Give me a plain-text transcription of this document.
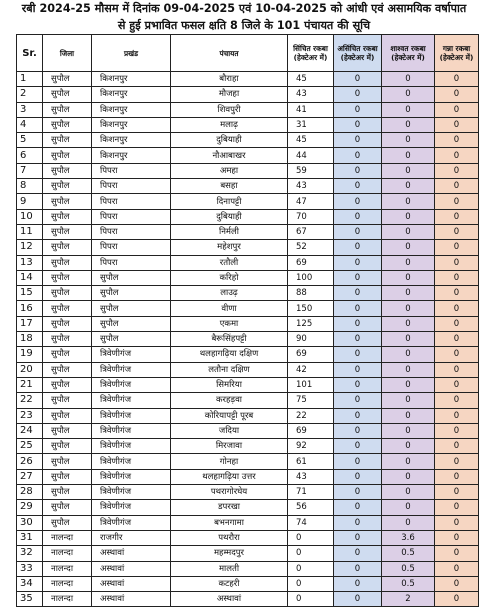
रबी 2024-25 मौसम में दिनांक 09-04-2025 एवं 10-04-2025 को आंधी एवं असामयिक वर्षापात
से हुई प्रभावित फसल क्षति 8 जिले के 101 पंचायत की सूचि
Sr.	जिला	प्रखंड	पंचायत	सिंचित रकबा (हेक्टेअर में)	असिंचित रकबा (हेक्टेअर में)	शाश्वत रकबा (हेक्टेअर में)	गन्ना रकबा (हेक्टेअर में)
1	सुपौल	किशनपुर	बौराहा	45	0	0	0
2	सुपौल	किशनपुर	मौजहा	43	0	0	0
3	सुपौल	किशनपुर	शिवपुरी	41	0	0	0
4	सुपौल	किशनपुर	मलाढ़	31	0	0	0
5	सुपौल	किशनपुर	दुबियाही	45	0	0	0
6	सुपौल	किशनपुर	नौआबाखर	44	0	0	0
7	सुपौल	पिपरा	अमहा	59	0	0	0
8	सुपौल	पिपरा	बसहा	43	0	0	0
9	सुपौल	पिपरा	दिनापट्टी	47	0	0	0
10	सुपौल	पिपरा	दुबियाही	70	0	0	0
11	सुपौल	पिपरा	निर्मली	67	0	0	0
12	सुपौल	पिपरा	महेशपुर	52	0	0	0
13	सुपौल	पिपरा	रतौली	69	0	0	0
14	सुपौल	सुपौल	करिहो	100	0	0	0
15	सुपौल	सुपौल	लाउढ़	88	0	0	0
16	सुपौल	सुपौल	वीणा	150	0	0	0
17	सुपौल	सुपौल	एकमा	125	0	0	0
18	सुपौल	सुपौल	बैरूसिंहपट्टी	90	0	0	0
19	सुपौल	त्रिवेणीगंज	थलहागढ़िया दक्षिण	69	0	0	0
20	सुपौल	त्रिवेणीगंज	लतौना दक्षिण	42	0	0	0
21	सुपौल	त्रिवेणीगंज	सिमरिया	101	0	0	0
22	सुपौल	त्रिवेणीगंज	करहड़वा	75	0	0	0
23	सुपौल	त्रिवेणीगंज	कोरियापट्टी पूरब	22	0	0	0
24	सुपौल	त्रिवेणीगंज	जदिया	69	0	0	0
25	सुपौल	त्रिवेणीगंज	मिरजावा	92	0	0	0
26	सुपौल	त्रिवेणीगंज	गोनहा	61	0	0	0
27	सुपौल	त्रिवेणीगंज	थलहागढ़िया उत्तर	43	0	0	0
28	सुपौल	त्रिवेणीगंज	पथरागोरघेय	71	0	0	0
29	सुपौल	त्रिवेणीगंज	डपरखा	56	0	0	0
30	सुपौल	त्रिवेणीगंज	बभनगामा	74	0	0	0
31	नालन्दा	राजगीर	पथरौरा	0	0	3.6	0
32	नालन्दा	अस्थावां	महम्मदपुर	0	0	0.5	0
33	नालन्दा	अस्थावां	मालती	0	0	0.5	0
34	नालन्दा	अस्थावां	कटहरी	0	0	0.5	0
35	नालन्दा	अस्थावां	अस्थावां	0	0	2	0
